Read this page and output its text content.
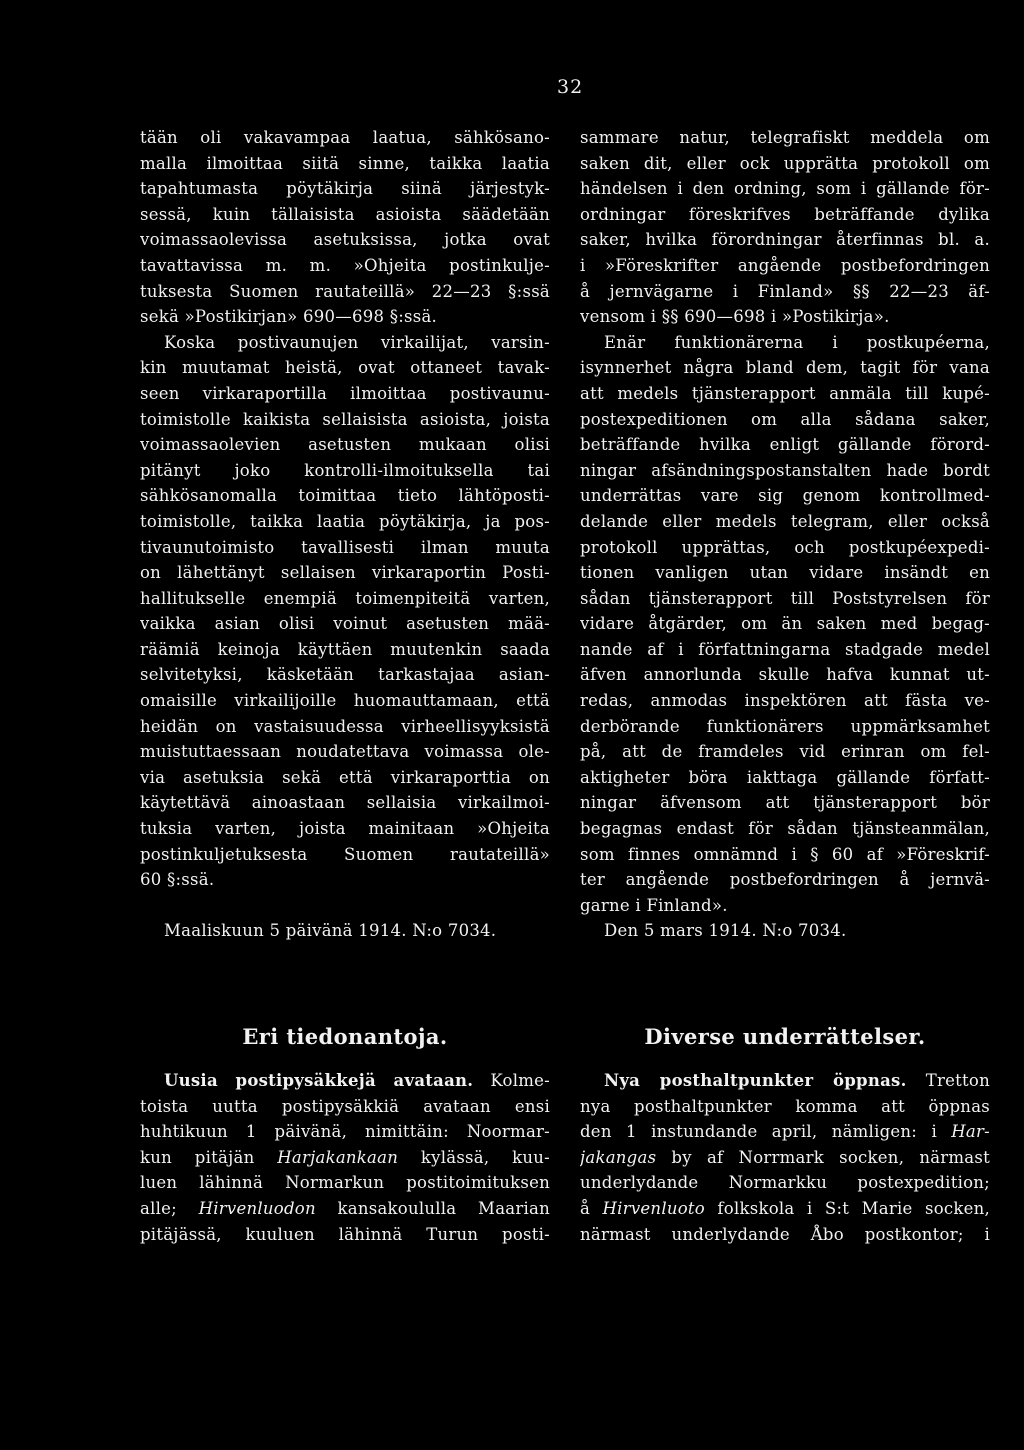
32
tään oli vakavampaa laatua, sähkösano-
malla ilmoittaa siitä sinne, taikka laatia
tapahtumasta pöytäkirja siinä järjestyk-
sessä, kuin tällaisista asioista säädetään
voimassaolevissa asetuksissa, jotka ovat
tavattavissa m. m. »Ohjeita postinkulje-
tuksesta Suomen rautateillä» 22—23 §:ssä
sekä »Postikirjan» 690—698 §:ssä.
Koska postivaunujen virkailijat, varsin-
kin muutamat heistä, ovat ottaneet tavak-
seen virkaraportilla ilmoittaa postivaunu-
toimistolle kaikista sellaisista asioista, joista
voimassaolevien asetusten mukaan olisi
pitänyt joko kontrolli-ilmoituksella tai
sähkösanomalla toimittaa tieto lähtöposti-
toimistolle, taikka laatia pöytäkirja, ja pos-
tivaunutoimisto tavallisesti ilman muuta
on lähettänyt sellaisen virkaraportin Posti-
hallitukselle enempiä toimenpiteitä varten,
vaikka asian olisi voinut asetusten mää-
räämiä keinoja käyttäen muutenkin saada
selvitetyksi, käsketään tarkastajaa asian-
omaisille virkailijoille huomauttamaan, että
heidän on vastaisuudessa virheellisyyksistä
muistuttaessaan noudatettava voimassa ole-
via asetuksia sekä että virkaraporttia on
käytettävä ainoastaan sellaisia virkailmoi-
tuksia varten, joista mainitaan »Ohjeita
postinkuljetuksesta Suomen rautateillä»
60 §:ssä.
Maaliskuun 5 päivänä 1914. N:o 7034.
sammare natur, telegrafiskt meddela om
saken dit, eller ock upprätta protokoll om
händelsen i den ordning, som i gällande för-
ordningar föreskrifves beträffande dylika
saker, hvilka förordningar återfinnas bl. a.
i »Föreskrifter angående postbefordringen
å jernvägarne i Finland» §§ 22—23 äf-
vensom i §§ 690—698 i »Postikirja».
Enär funktionärerna i postkupéerna,
isynnerhet några bland dem, tagit för vana
att medels tjänsterapport anmäla till kupé-
postexpeditionen om alla sådana saker,
beträffande hvilka enligt gällande förord-
ningar afsändningspostanstalten hade bordt
underrättas vare sig genom kontrollmed-
delande eller medels telegram, eller också
protokoll upprättas, och postkupéexpedi-
tionen vanligen utan vidare insändt en
sådan tjänsterapport till Poststyrelsen för
vidare åtgärder, om än saken med begag-
nande af i författningarna stadgade medel
äfven annorlunda skulle hafva kunnat ut-
redas, anmodas inspektören att fästa ve-
derbörande funktionärers uppmärksamhet
på, att de framdeles vid erinran om fel-
aktigheter böra iakttaga gällande författ-
ningar äfvensom att tjänsterapport bör
begagnas endast för sådan tjänsteanmälan,
som finnes omnämnd i § 60 af »Föreskrif-
ter angående postbefordringen å jernvä-
garne i Finland».
Den 5 mars 1914. N:o 7034.
Eri tiedonantoja.	Diverse underrättelser.
Uusia postipysäkkejä avataan. Kolme-
toista uutta postipysäkkiä avataan ensi
huhtikuun 1 päivänä, nimittäin: Noormar-
kun pitäjän Harjakankaan kylässä, kuu-
luen lähinnä Normarkun postitoimituksen
alle; Hirvenluodon kansakoululla Maarian
pitäjässä, kuuluen lähinnä Turun posti-
Nya posthaltpunkter öppnas. Tretton
nya posthaltpunkter komma att öppnas
den 1 instundande april, nämligen: i Har-
jakangas by af Norrmark socken, närmast
underlydande Normarkku postexpedition;
å Hirvenluoto folkskola i S:t Marie socken,
närmast underlydande Åbo postkontor; i
